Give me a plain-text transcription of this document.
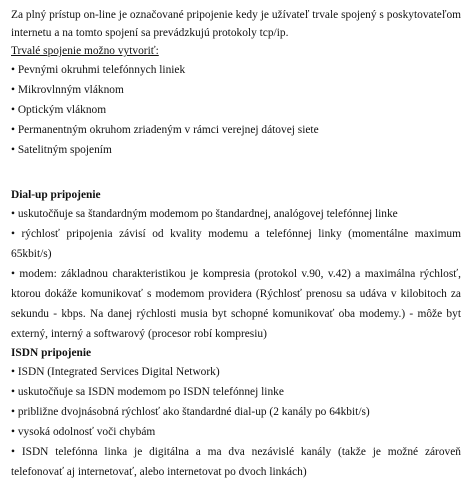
Za plný prístup on-line je označované pripojenie kedy je užívateľ trvale spojený s poskytovateľom internetu a na tomto spojení sa prevádzkujú protokoly tcp/ip.

Trvalé spojenie možno vytvoriť:

• Pevnými okruhmi telefónnych liniek

• Mikrovlnným vláknom

• Optickým vláknom

• Permanentným okruhom zriadeným v rámci verejnej dátovej siete

• Satelitným spojením

Dial-up pripojenie

• uskutočňuje sa štandardným modemom po štandardnej, analógovej telefónnej linke

• rýchlosť pripojenia závisí od kvality modemu a telefónnej linky (momentálne maximum 65kbit/s)

• modem: základnou charakteristikou je kompresia (protokol v.90, v.42) a maximálna rýchlosť, ktorou dokáže komunikovať s modemom providera (Rýchlosť prenosu sa udáva v kilobitoch za sekundu - kbps. Na danej rýchlosti musia byt schopné komunikovať oba modemy.) - môže byt externý, interný a softwarový (procesor robí kompresiu)

ISDN pripojenie

• ISDN (Integrated Services Digital Network)

• uskutočňuje sa ISDN modemom po ISDN telefónnej linke

• približne dvojnásobná rýchlosť ako štandardné dial-up (2 kanály po 64kbit/s)

• vysoká odolnosť voči chybám

• ISDN telefónna linka je digitálna a ma dva nezávislé kanály (takže je možné zároveň telefonovať aj internetovať, alebo internetovat po dvoch linkách)
